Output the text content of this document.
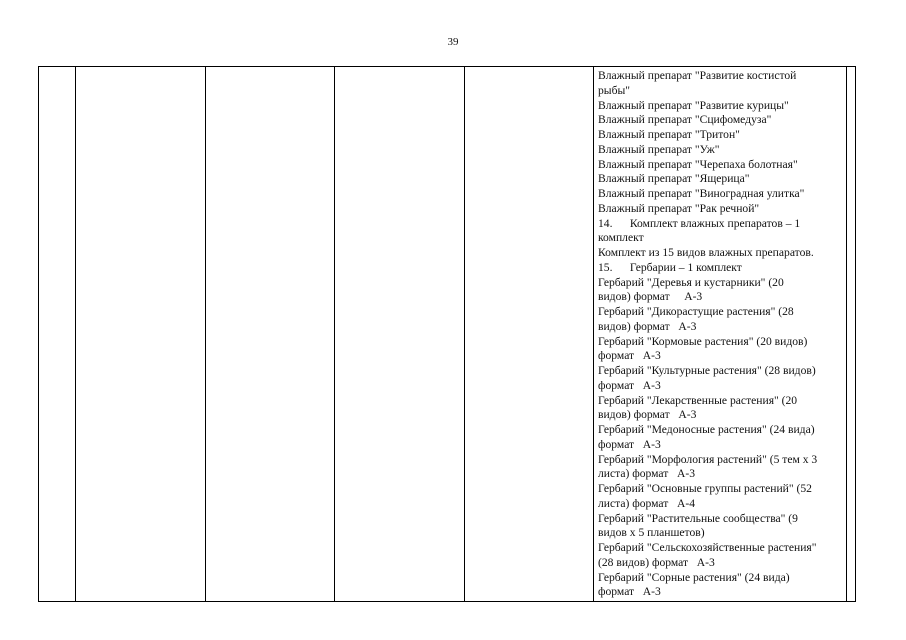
39

Влажный препарат "Развитие костистой
рыбы"
Влажный препарат "Развитие курицы"
Влажный препарат "Сцифомедуза"
Влажный препарат "Тритон"
Влажный препарат "Уж"
Влажный препарат "Черепаха болотная"
Влажный препарат "Ящерица"
Влажный препарат "Виноградная улитка"
Влажный препарат "Рак речной"
14.      Комплект влажных препаратов – 1
комплект
Комплект из 15 видов влажных препаратов.
15.      Гербарии – 1 комплект
Гербарий "Деревья и кустарники" (20
видов) формат     А-3
Гербарий "Дикорастущие растения" (28
видов) формат   А-3
Гербарий "Кормовые растения" (20 видов)
формат   А-3
Гербарий "Культурные растения" (28 видов)
формат   А-3
Гербарий "Лекарственные растения" (20
видов) формат   А-3
Гербарий "Медоносные растения" (24 вида)
формат   А-3
Гербарий "Морфология растений" (5 тем х 3
листа) формат   А-3
Гербарий "Основные группы растений" (52
листа) формат   А-4
Гербарий "Растительные сообщества" (9
видов х 5 планшетов)
Гербарий "Сельскохозяйственные растения"
(28 видов) формат   А-3
Гербарий "Сорные растения" (24 вида)
формат   А-3
